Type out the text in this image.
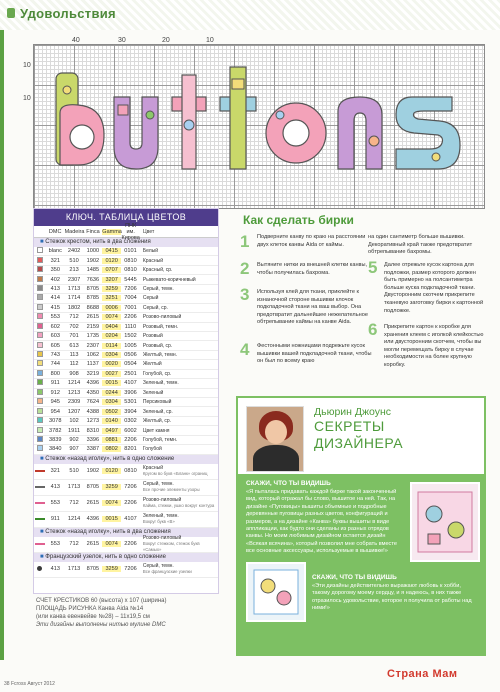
Удовольствия
40	30	20	10
10
10
КЛЮЧ. ТАБЛИЦА ЦВЕТОВ
DMC Madeira Finca Gamma
ПНК им.	Цвет
■ Стежок крестом, нить в два сложения
blanc	2402	1000	0415	0101	Белый
321	510	1902	0120	0810	Красный
350	213	1485	0707	0810	Красный, ср.
402	2307	7636	3207	5445	Рыжевато-коричневый
413	1713	8705	3259	7206	Серый, темн.
414	1714	8785	3251	7004	Серый
415	1802	8688	0006	7001	Серый, ср.
553	712	2615	0074	2206	Розово-лиловый
602	702	2159	0404	1110	Розовый, темн.
603	701	1735	0204	1502	Розовый
605	613	2307	0114	1005	Розовый, ср.
743	113	1062	0304	0506	Желтый, темн.
744	112	1137	0020	0504	Желтый
800	908	3219	0027	2501	Голубой, ср.
911	1214	4396	0015	4107	Зеленый, темн.
912	1213	4350	0244	3906	Зеленый
945	2309	7624	0304	5301	Персиковый
954	1207	4388	0502	3904	Зеленый, ср.
3078	102	1273	0140	0302	Желтый, ср.
3782	1911	8310	0497	6002	Цвет камня
3839	902	3396	0881	2206	Голубой, темн.
3840	907	3387	0802	8201	Голубой
■ Стежок «назад иголку», нить в одно сложение
321	510	1902	0120	0810	Красный
Кругом во букв «Бланк» ограниц
413	1713	8705	3259	7206	Серый, темн.
Все прочие элементы узоры
553	712	2615	0074	2206	Розово-лиловый
Кайма, стежки, ушко вокруг контура
911	1214	4396	0015	4107	Зеленый, темн.
Вокруг букв «В»
■ Стежок «назад иголку», нить в два сложения
553	712	2615	0074	2206
Розово-лиловый
Вокруг стежком, стежок букв «Самых»
■ Французский узелок, нить в одно сложение
413	1713	8705	3259	7206	Серый, темн.
Все французские узелки
СЧЕТ КРЕСТИКОВ 60 (высота) х 107 (ширина)
ПЛОЩАДЬ РИСУНКА Канва Aida №14
(или канва евенвейве №28) – 11х19,5 см
Эти дизайны выполнены нитью мулине DMC
Как сделать бирки
1 Подверните канву по краю на расстоянии двух клеток канвы Aida от каймы.
2 Вытяните нитки из внешней клетки канвы, чтобы получилась бахрома.
3 Используя клей для ткани, приклейте к изнаночной стороне вышивки клочок подкладочной ткани на ваш выбор. Она предотвратит дальнейшее нежелательное обтрепывание каймы на канве Aida.
4 Фестонными ножницами подрежьте кусок вышивки вашей подкладочной ткани, чтобы он был по всему краю
на один сантиметр больше вышивки. Декоративный край также предотвратит обтрепывание бахромы.
5 Далее отрежьте кусок картона для подложки, размер которого должен быть примерно на полсантиметра больше куска подкладочной ткани. Двусторонним скотчем прикрепите тканевую заготовку бирки к картонной подложке.
6 Прикрепите картон к коробке для хранения клеем с иголкой клейкостью или двусторонним скотчем, чтобы вы могли перемещать бирку в случае необходимости на более крупную коробку.
Дьюрин Джоунс
СЕКРЕТЫ
ДИЗАЙНЕРА
СКАЖИ, ЧТО ТЫ ВИДИШЬ
«Я пыталась придавать каждой бирке такой законченный вид, который отражал бы слово, вышитое на ней. Так, на дизайне «Пуговицы» вышиты объемные и подробные деревянные пуговицы разных цветов, конфигураций и размеров, а на дизайне «Канва» буквы вышиты в виде аппликации, как будто они сделаны из разных отрядов канвы. Но моим любимым дизайном остается дизайн «Всякая всячина», который позволил мне собрать вместе все основные аксессуары, используемые в вышивке!»
СКАЖИ, ЧТО ТЫ ВИДИШЬ
«Эти дизайны действительно выражают любовь к хобби, такому дорогому моему сердцу, и я надеюсь, в них также отразилось удовольствие, которое я получила от работы над ними!»
38 Fcross Август 2012
Страна Мам
